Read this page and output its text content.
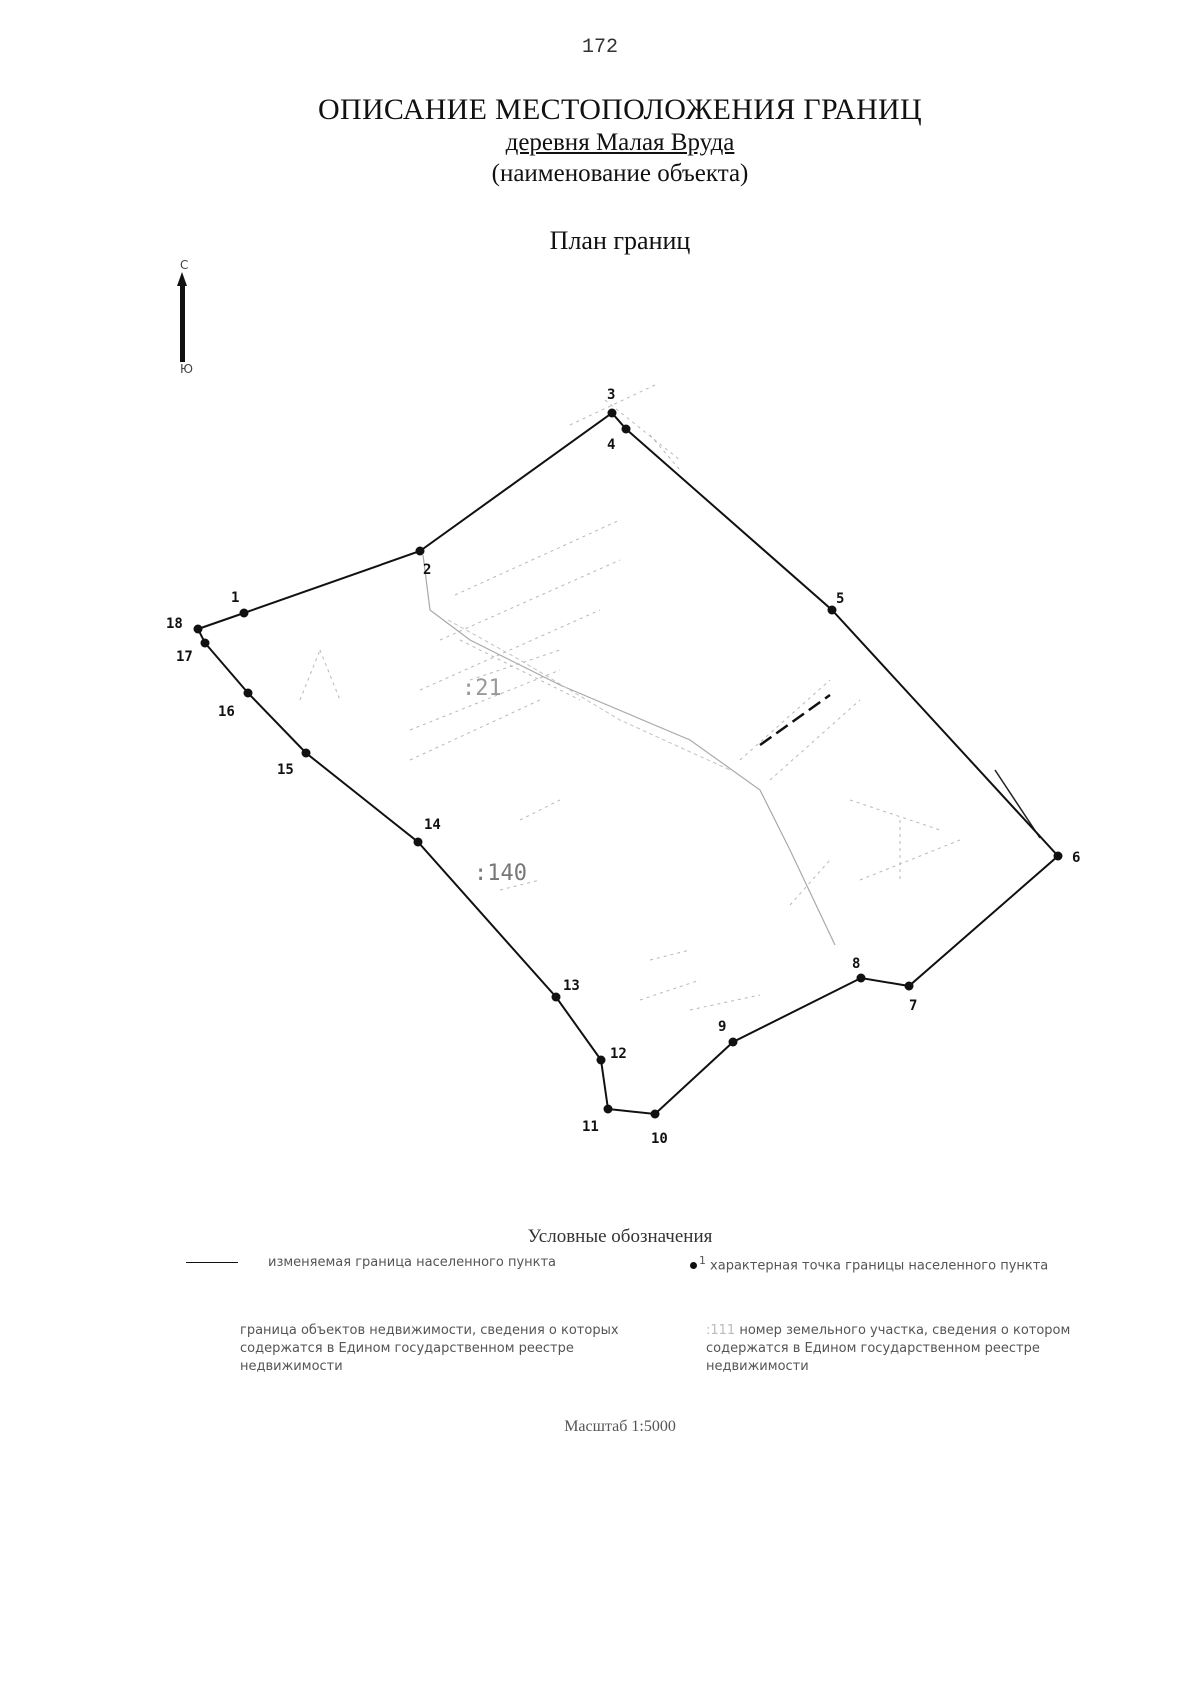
172
ОПИСАНИЕ МЕСТОПОЛОЖЕНИЯ ГРАНИЦ
деревня Малая Вруда
(наименование объекта)
План границ
С
Ю
:21
:140
1
2
3
4
5
6
7
8
9
10
11
12
13
14
15
16
17
18
Условные обозначения
изменяемая граница населенного пункта	$^1$ характерная точка границы населенного пункта
граница объектов недвижимости, сведения о которых содержатся в Едином государственном реестре недвижимости
:111 номер земельного участка, сведения о котором содержатся в Едином государственном реестре недвижимости
Масштаб 1:5000
